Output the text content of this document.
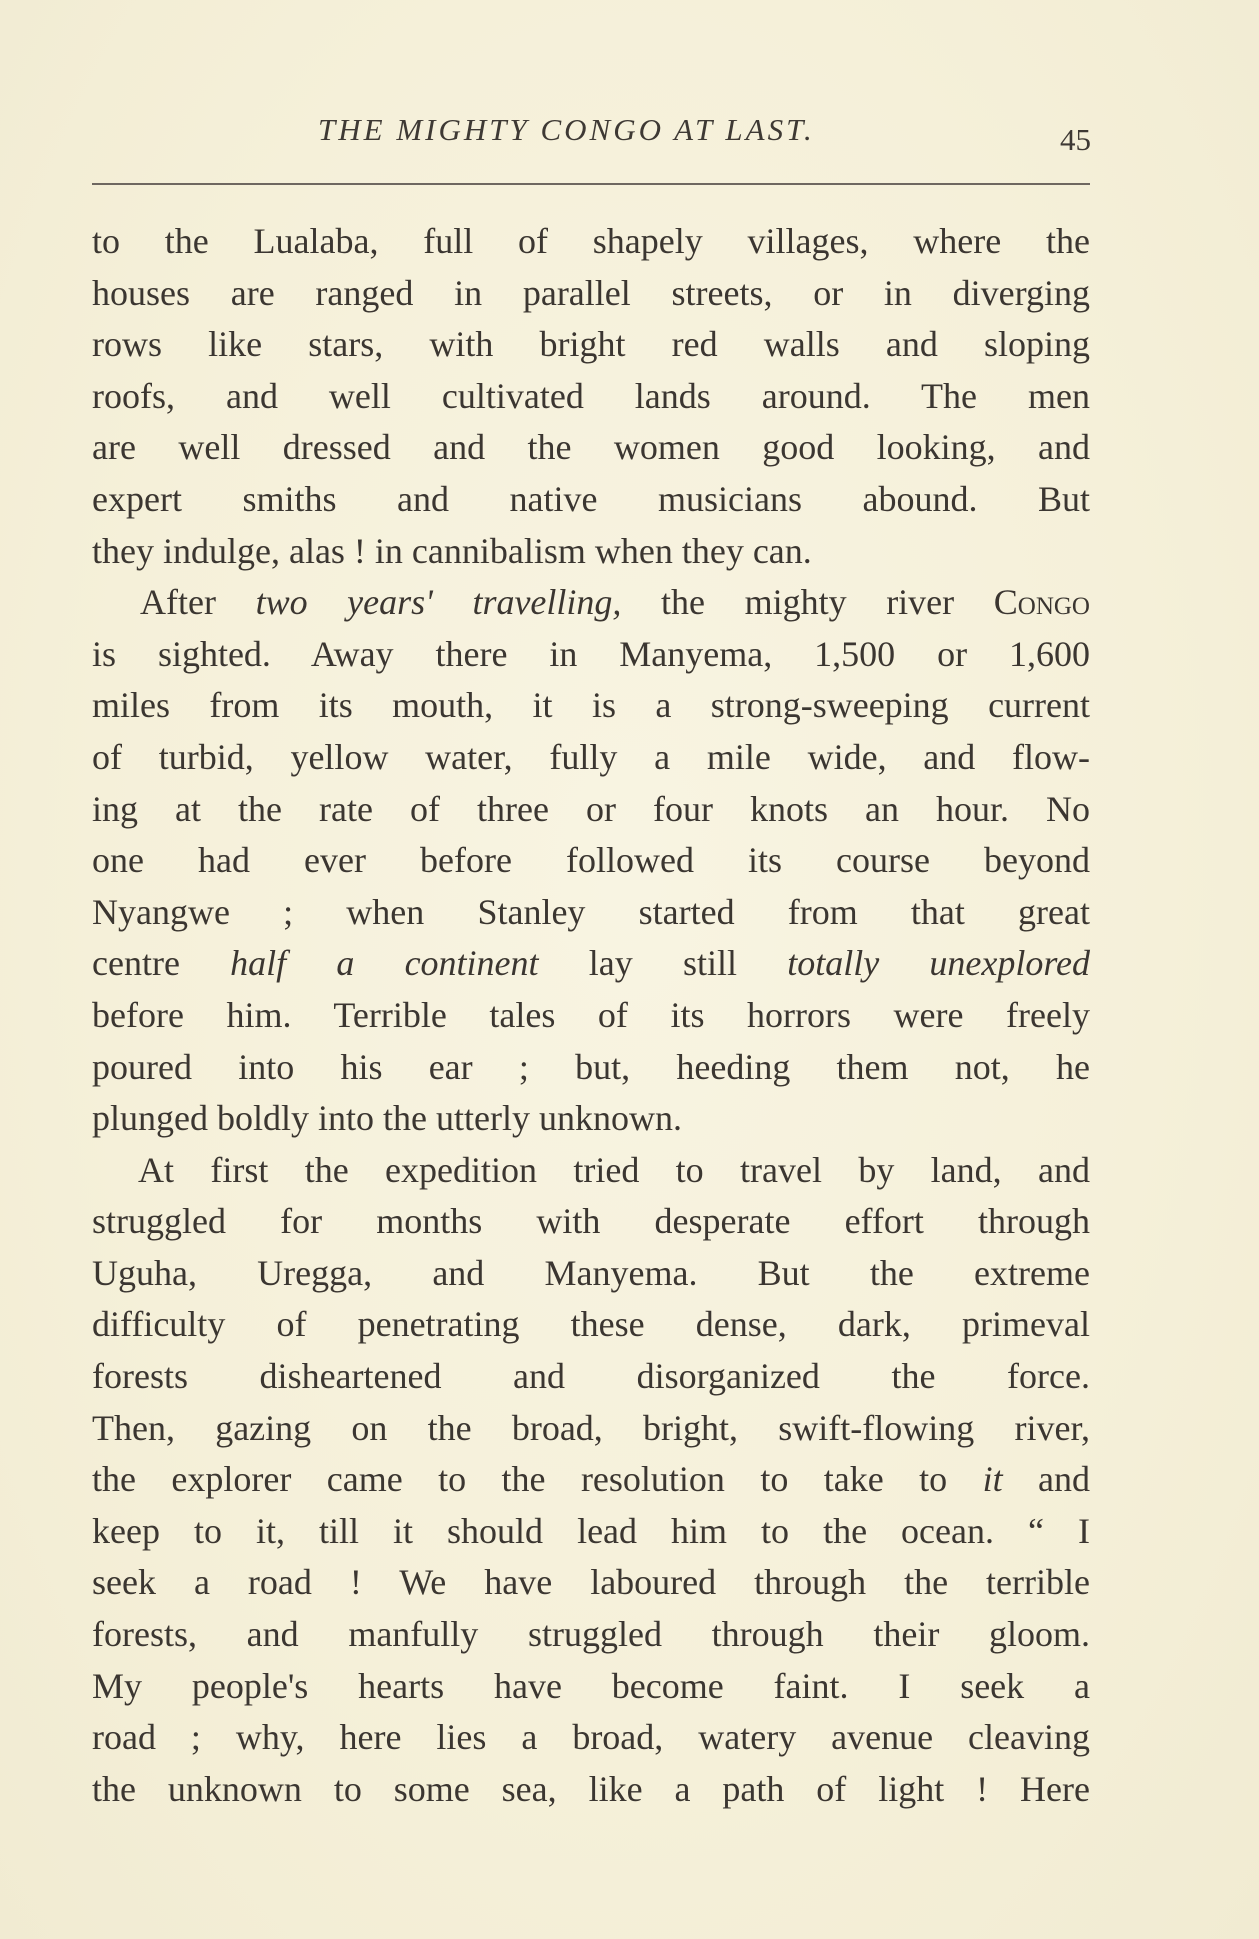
THE MIGHTY CONGO AT LAST.	45
to the Lualaba, full of shapely villages, where the
houses are ranged in parallel streets, or in diverging
rows like stars, with bright red walls and sloping
roofs, and well cultivated lands around. The men
are well dressed and the women good looking, and
expert smiths and native musicians abound. But
they indulge, alas ! in cannibalism when they can.
After two years' travelling, the mighty river Congo
is sighted. Away there in Manyema, 1,500 or 1,600
miles from its mouth, it is a strong-sweeping current
of turbid, yellow water, fully a mile wide, and flow-
ing at the rate of three or four knots an hour. No
one had ever before followed its course beyond
Nyangwe ; when Stanley started from that great
centre half a continent lay still totally unexplored
before him. Terrible tales of its horrors were freely
poured into his ear ; but, heeding them not, he
plunged boldly into the utterly unknown.
At first the expedition tried to travel by land, and
struggled for months with desperate effort through
Uguha, Uregga, and Manyema. But the extreme
difficulty of penetrating these dense, dark, primeval
forests disheartened and disorganized the force.
Then, gazing on the broad, bright, swift-flowing river,
the explorer came to the resolution to take to it and
keep to it, till it should lead him to the ocean. “ I
seek a road ! We have laboured through the terrible
forests, and manfully struggled through their gloom.
My people's hearts have become faint. I seek a
road ; why, here lies a broad, watery avenue cleaving
the unknown to some sea, like a path of light ! Here
